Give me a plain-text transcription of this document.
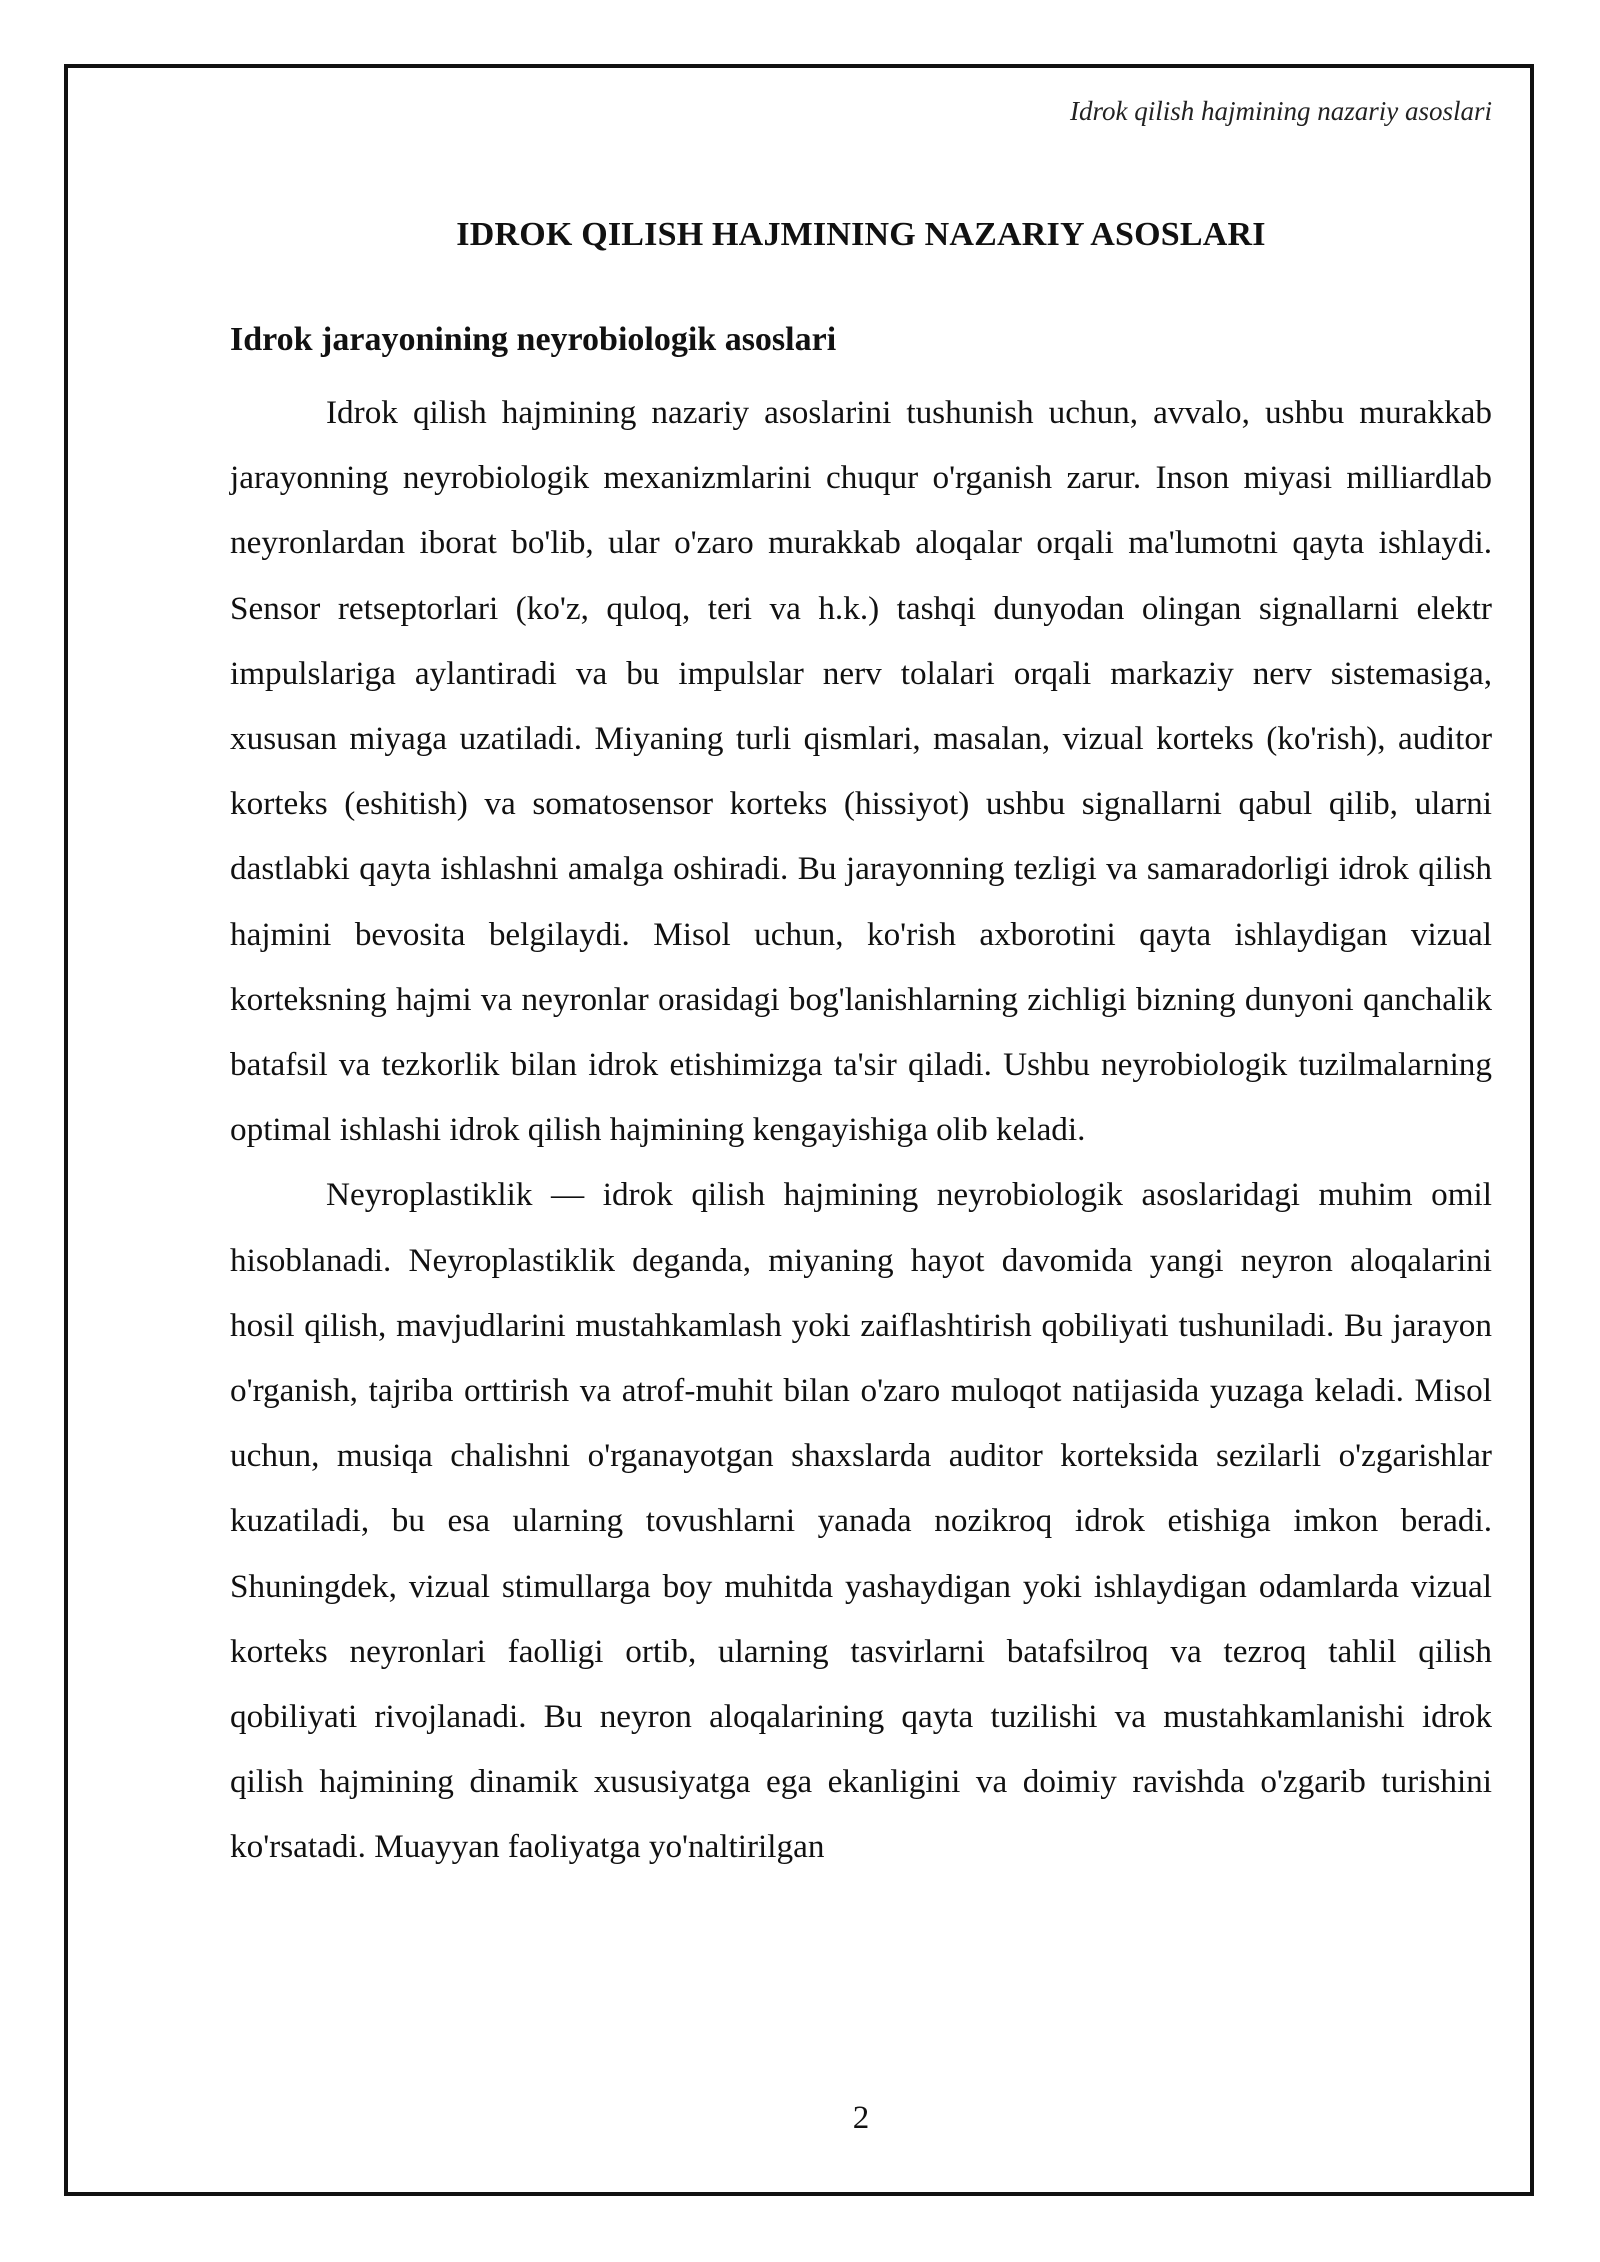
Idrok qilish hajmining nazariy asoslari
IDROK QILISH HAJMINING NAZARIY ASOSLARI
Idrok jarayonining neyrobiologik asoslari

Idrok qilish hajmining nazariy asoslarini tushunish uchun, avvalo, ushbu murakkab jarayonning neyrobiologik mexanizmlarini chuqur o'rganish zarur. Inson miyasi milliardlab neyronlardan iborat bo'lib, ular o'zaro murakkab aloqalar orqali ma'lumotni qayta ishlaydi. Sensor retseptorlari (ko'z, quloq, teri va h.k.) tashqi dunyodan olingan signallarni elektr impulslariga aylantiradi va bu impulslar nerv tolalari orqali markaziy nerv sistemasiga, xususan miyaga uzatiladi. Miyaning turli qismlari, masalan, vizual korteks (ko'rish), auditor korteks (eshitish) va somatosensor korteks (hissiyot) ushbu signallarni qabul qilib, ularni dastlabki qayta ishlashni amalga oshiradi. Bu jarayonning tezligi va samaradorligi idrok qilish hajmini bevosita belgilaydi. Misol uchun, ko'rish axborotini qayta ishlaydigan vizual korteksning hajmi va neyronlar orasidagi bog'lanishlarning zichligi bizning dunyoni qanchalik batafsil va tezkorlik bilan idrok etishimizga ta'sir qiladi. Ushbu neyrobiologik tuzilmalarning optimal ishlashi idrok qilish hajmining kengayishiga olib keladi.

Neyroplastiklik — idrok qilish hajmining neyrobiologik asoslaridagi muhim omil hisoblanadi. Neyroplastiklik deganda, miyaning hayot davomida yangi neyron aloqalarini hosil qilish, mavjudlarini mustahkamlash yoki zaiflashtirish qobiliyati tushuniladi. Bu jarayon o'rganish, tajriba orttirish va atrof-muhit bilan o'zaro muloqot natijasida yuzaga keladi. Misol uchun, musiqa chalishni o'rganayotgan shaxslarda auditor korteksida sezilarli o'zgarishlar kuzatiladi, bu esa ularning tovushlarni yanada nozikroq idrok etishiga imkon beradi. Shuningdek, vizual stimullarga boy muhitda yashaydigan yoki ishlaydigan odamlarda vizual korteks neyronlari faolligi ortib, ularning tasvirlarni batafsilroq va tezroq tahlil qilish qobiliyati rivojlanadi. Bu neyron aloqalarining qayta tuzilishi va mustahkamlanishi idrok qilish hajmining dinamik xususiyatga ega ekanligini va doimiy ravishda o'zgarib turishini ko'rsatadi. Muayyan faoliyatga yo'naltirilgan

2
